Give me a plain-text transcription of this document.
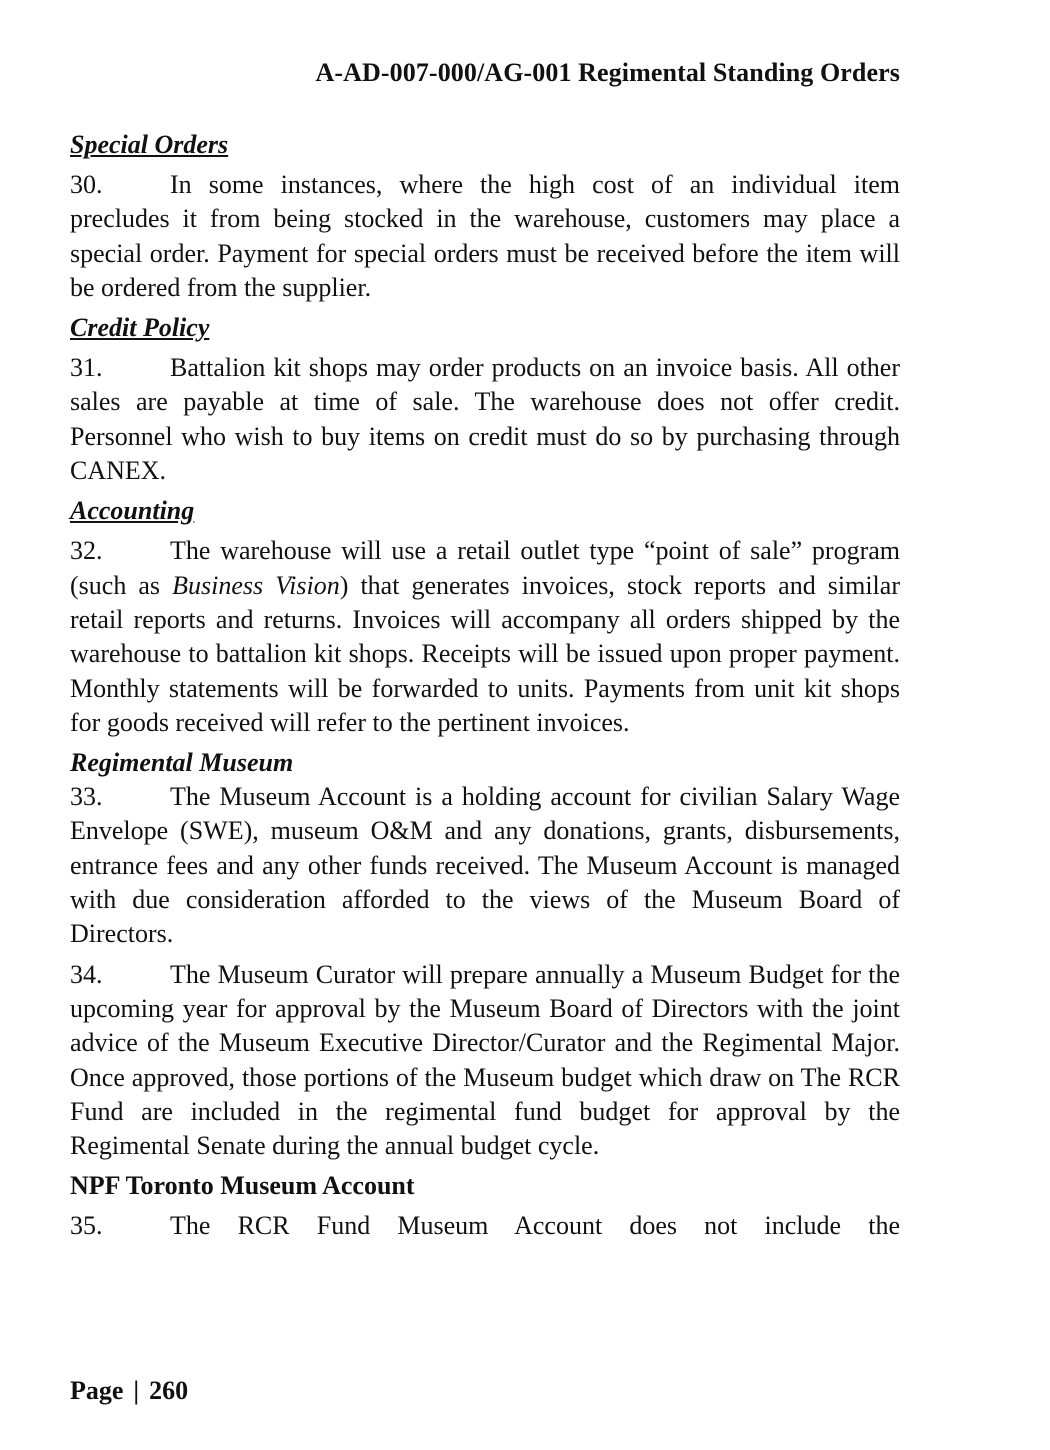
A-AD-007-000/AG-001 Regimental Standing Orders
Special Orders

30.	In some instances, where the high cost of an individual item precludes it from being stocked in the warehouse, customers may place a special order. Payment for special orders must be received before the item will be ordered from the supplier.

Credit Policy

31.	Battalion kit shops may order products on an invoice basis. All other sales are payable at time of sale. The warehouse does not offer credit. Personnel who wish to buy items on credit must do so by purchasing through CANEX.

Accounting

32.	The warehouse will use a retail outlet type “point of sale” program (such as Business Vision) that generates invoices, stock reports and similar retail reports and returns. Invoices will accompany all orders shipped by the warehouse to battalion kit shops. Receipts will be issued upon proper payment. Monthly statements will be forwarded to units. Payments from unit kit shops for goods received will refer to the pertinent invoices.

Regimental Museum

33.	The Museum Account is a holding account for civilian Salary Wage Envelope (SWE), museum O&M and any donations, grants, disbursements, entrance fees and any other funds received. The Museum Account is managed with due consideration afforded to the views of the Museum Board of Directors.

34.	The Museum Curator will prepare annually a Museum Budget for the upcoming year for approval by the Museum Board of Directors with the joint advice of the Museum Executive Director/Curator and the Regimental Major. Once approved, those portions of the Museum budget which draw on The RCR Fund are included in the regimental fund budget for approval by the Regimental Senate during the annual budget cycle.

NPF Toronto Museum Account

35.	The RCR Fund Museum Account does not include the

Page | 260
